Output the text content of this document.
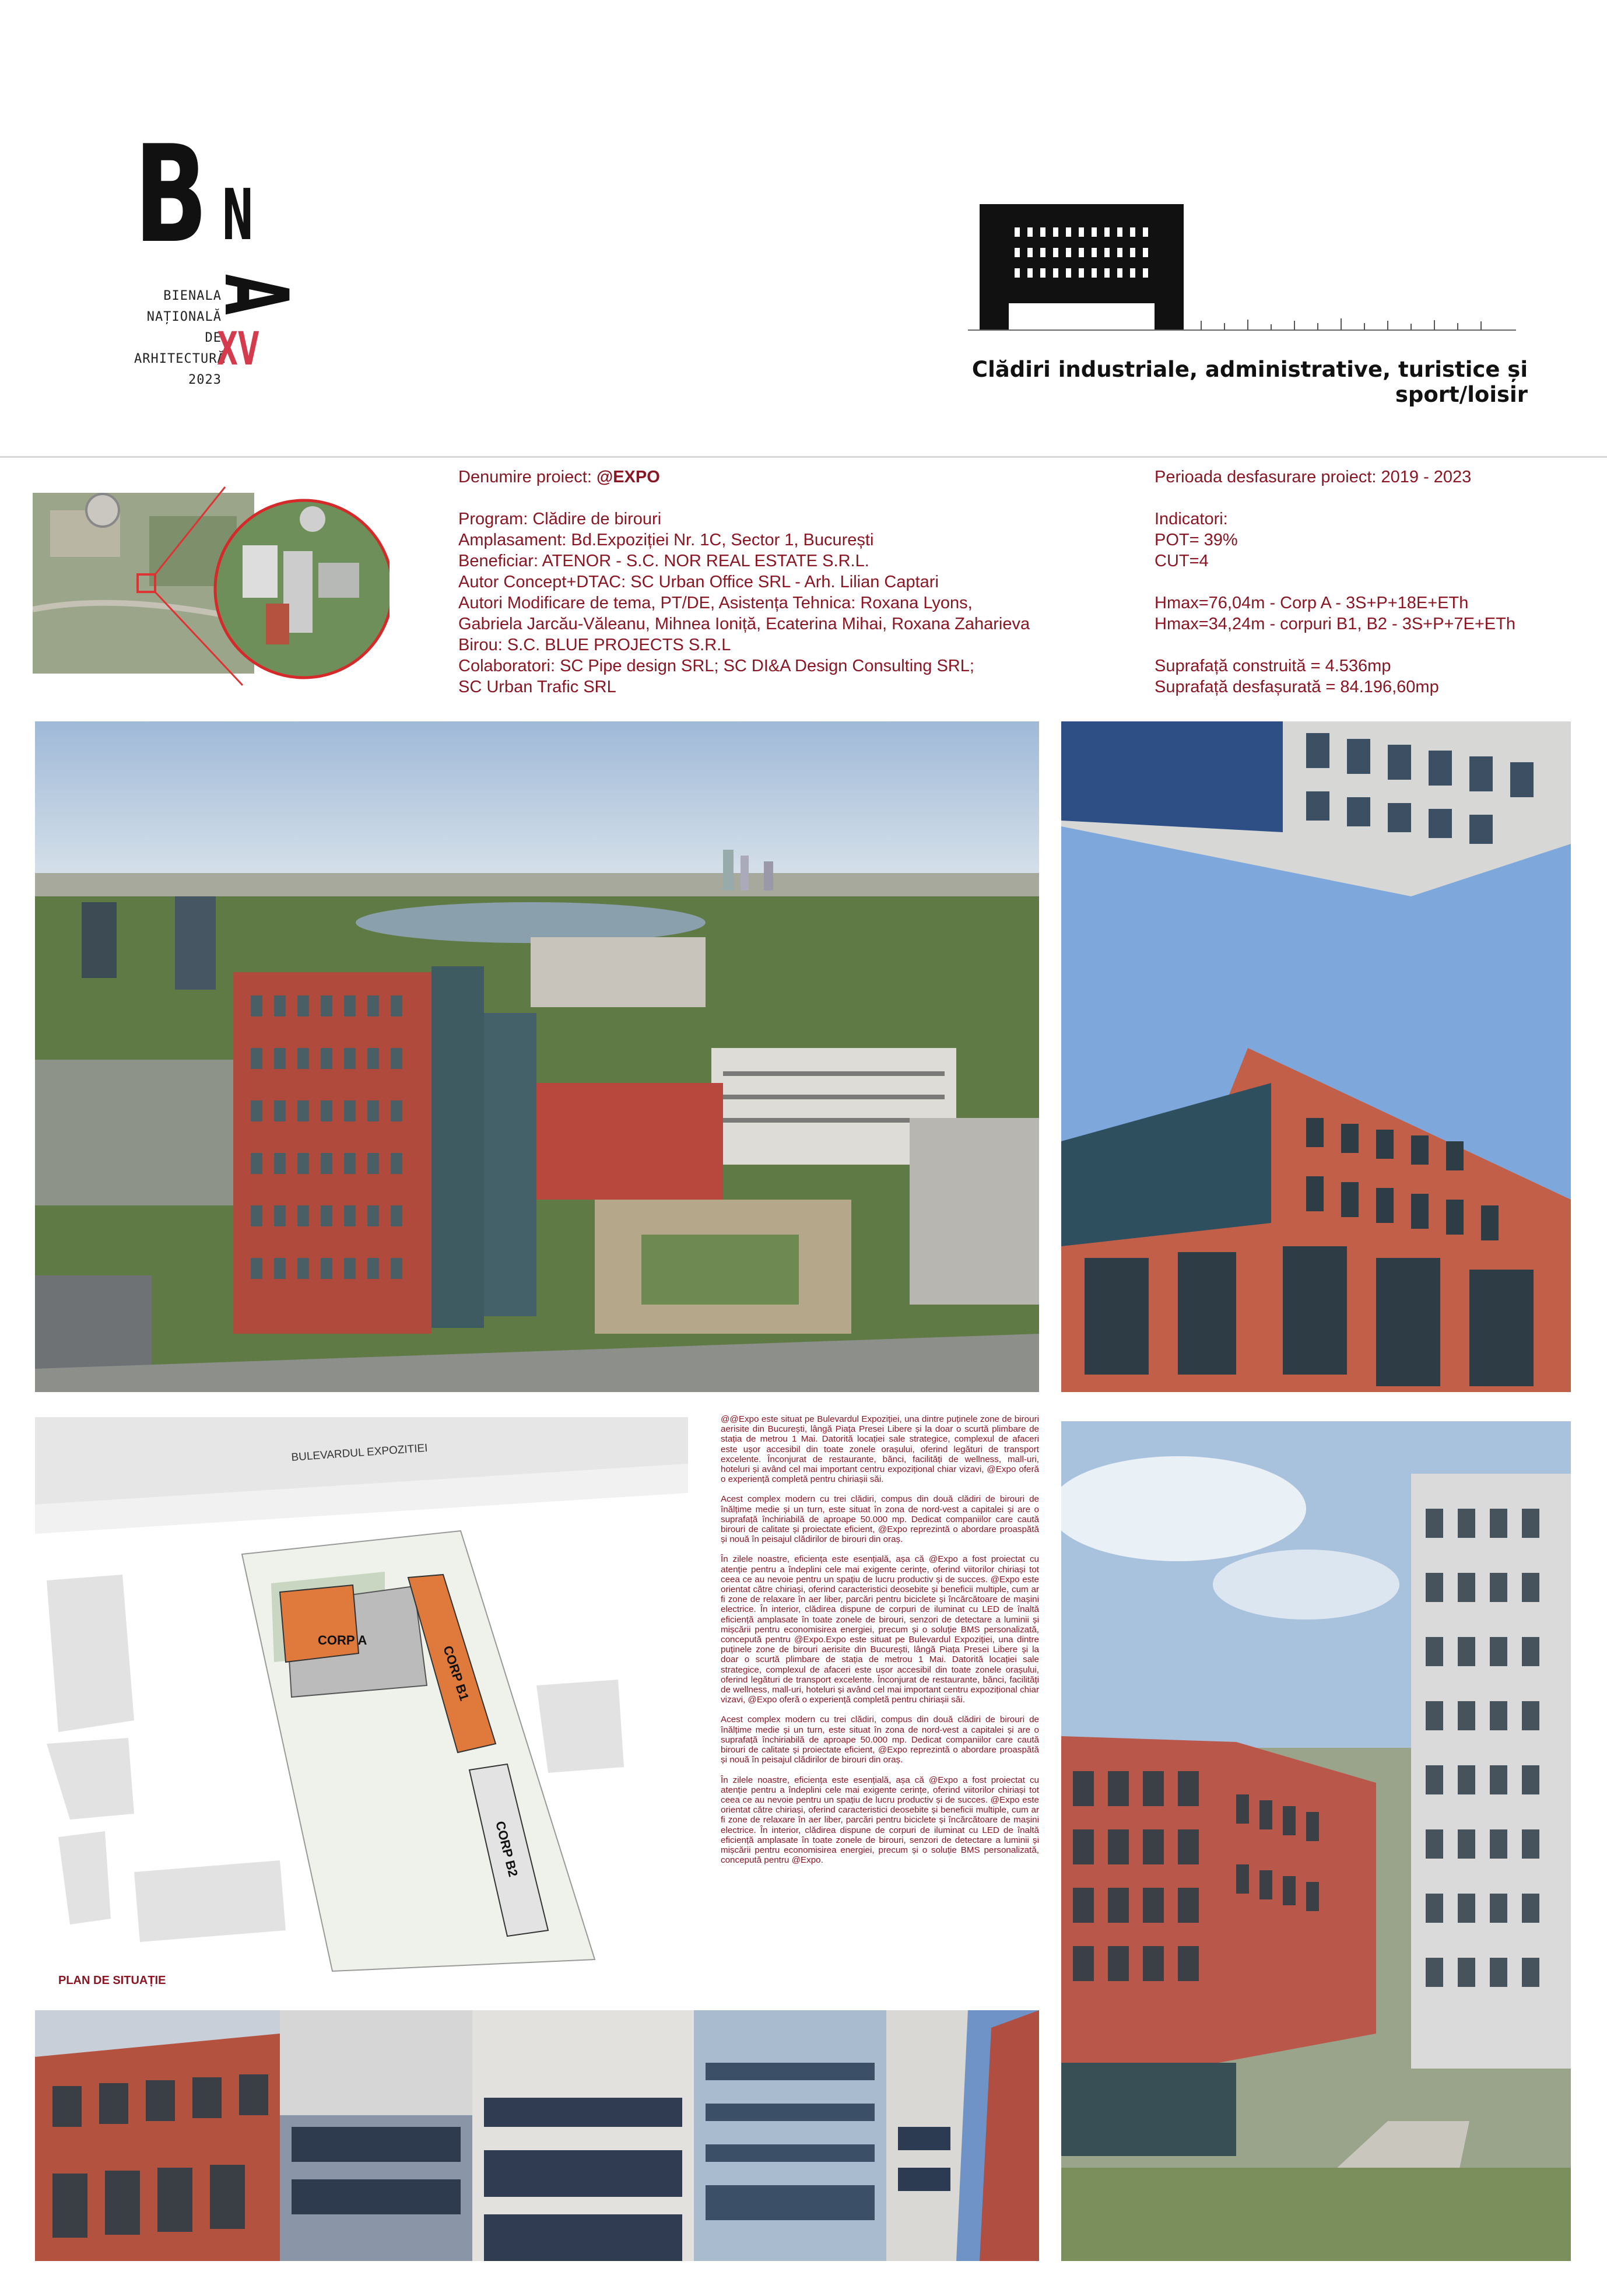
B N
A
BIENALA
NAȚIONALĂ
DE
ARHITECTURĂ
2023
XV	Clădiri industriale, administrative, turistice și sport/loisir
Denumire proiect: @EXPO
Program: Clădire de birouri
Amplasament: Bd.Expoziției Nr. 1C, Sector 1, București
Beneficiar: ATENOR - S.C. NOR REAL ESTATE S.R.L.
Autor Concept+DTAC: SC Urban Office SRL - Arh. Lilian Captari
Autori Modificare de tema, PT/DE, Asistența Tehnica: Roxana Lyons,
Gabriela Jarcău-Văleanu, Mihnea Ioniță, Ecaterina Mihai, Roxana Zaharieva
Birou: S.C. BLUE PROJECTS S.R.L
Colaboratori: SC Pipe design SRL; SC DI&A Design Consulting SRL;
SC Urban Trafic SRL
Perioada desfasurare proiect: 2019 - 2023
Indicatori:
POT= 39%
CUT=4
Hmax=76,04m - Corp A - 3S+P+18E+ETh
Hmax=34,24m - corpuri B1, B2 - 3S+P+7E+ETh
Suprafață construită = 4.536mp
Suprafață desfașurată = 84.196,60mp
BULEVARDUL EXPOZITIEI
CORP A
CORP B1
CORP B2
PLAN DE SITUAȚIE

@@Expo este situat pe Bulevardul Expoziției, una dintre puținele zone de birouri aerisite din București, lângă Piața Presei Libere și la doar o scurtă plimbare de stația de metrou 1 Mai. Datorită locației sale strategice, complexul de afaceri este ușor accesibil din toate zonele orașului, oferind legături de transport excelente. Înconjurat de restaurante, bănci, facilități de wellness, mall-uri, hoteluri și având cel mai important centru expozițional chiar vizavi, @Expo oferă o experiență completă pentru chiriașii săi.

Acest complex modern cu trei clădiri, compus din două clădiri de birouri de înălțime medie și un turn, este situat în zona de nord-vest a capitalei și are o suprafață închiriabilă de aproape 50.000 mp. Dedicat companiilor care caută birouri de calitate și proiectate eficient, @Expo reprezintă o abordare proaspătă și nouă în peisajul clădirilor de birouri din oraș.

În zilele noastre, eficiența este esențială, așa că @Expo a fost proiectat cu atenție pentru a îndeplini cele mai exigente cerințe, oferind viitorilor chiriași tot ceea ce au nevoie pentru un spațiu de lucru productiv și de succes. @Expo este orientat către chiriași, oferind caracteristici deosebite și beneficii multiple, cum ar fi zone de relaxare în aer liber, parcări pentru biciclete și încărcătoare de mașini electrice. În interior, clădirea dispune de corpuri de iluminat cu LED de înaltă eficiență amplasate în toate zonele de birouri, senzori de detectare a luminii și mișcării pentru economisirea energiei, precum și o soluție BMS personalizată, concepută pentru @Expo.Expo este situat pe Bulevardul Expoziției, una dintre puținele zone de birouri aerisite din București, lângă Piața Presei Libere și la doar o scurtă plimbare de stația de metrou 1 Mai. Datorită locației sale strategice, complexul de afaceri este ușor accesibil din toate zonele orașului, oferind legături de transport excelente. Înconjurat de restaurante, bănci, facilități de wellness, mall-uri, hoteluri și având cel mai important centru expozițional chiar vizavi, @Expo oferă o experiență completă pentru chiriașii săi.

Acest complex modern cu trei clădiri, compus din două clădiri de birouri de înălțime medie și un turn, este situat în zona de nord-vest a capitalei și are o suprafață închiriabilă de aproape 50.000 mp. Dedicat companiilor care caută birouri de calitate și proiectate eficient, @Expo reprezintă o abordare proaspătă și nouă în peisajul clădirilor de birouri din oraș.

În zilele noastre, eficiența este esențială, așa că @Expo a fost proiectat cu atenție pentru a îndeplini cele mai exigente cerințe, oferind viitorilor chiriași tot ceea ce au nevoie pentru un spațiu de lucru productiv și de succes. @Expo este orientat către chiriași, oferind caracteristici deosebite și beneficii multiple, cum ar fi zone de relaxare în aer liber, parcări pentru biciclete și încărcătoare de mașini electrice. În interior, clădirea dispune de corpuri de iluminat cu LED de înaltă eficiență amplasate în toate zonele de birouri, senzori de detectare a luminii și mișcării pentru economisirea energiei, precum și o soluție BMS personalizată, concepută pentru @Expo.
